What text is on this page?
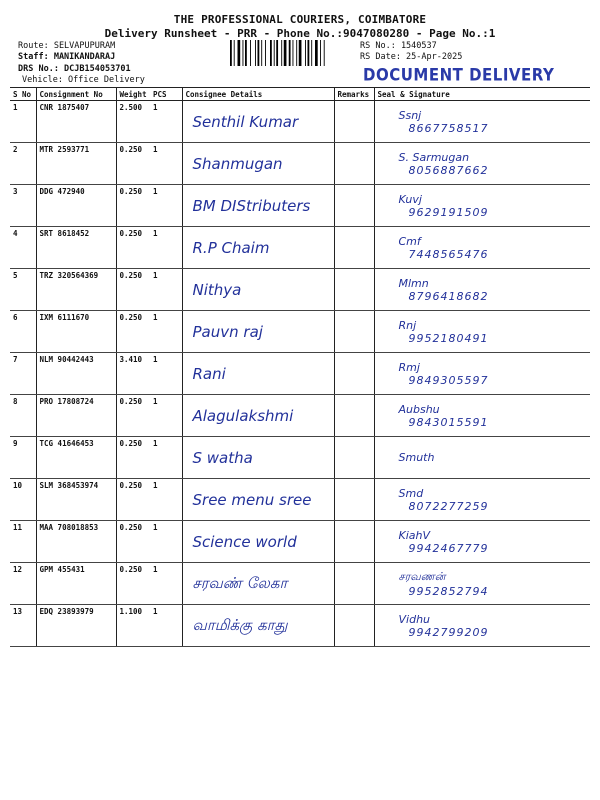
THE PROFESSIONAL COURIERS, COIMBATORE
Delivery Runsheet - PRR - Phone No.:9047080280 - Page No.:1
Route: SELVAPUPURAM
Staff: MANIKANDARAJ
DRS No.: DCJB154053701
Vehicle: Office Delivery
RS No.: 1540537
RS Date: 25-Apr-2025
DOCUMENT DELIVERY
S No	Consignment No	Weight	PCS	Consignee Details	Remarks	Seal & Signature
1	CNR 1875407	2.500	1	Senthil Kumar		Ssnj
8667758517

2	MTR 2593771	0.250	1	Shanmugan		S. Sarmugan
8056887662

3	DDG 472940	0.250	1	BM DIStributers		Kuvj
9629191509

4	SRT 8618452	0.250	1	R.P Chaim		Cmf
7448565476

5	TRZ 320564369	0.250	1	Nithya		Mlmn
8796418682

6	IXM 6111670	0.250	1	Pauvn raj		Rnj
9952180491

7	NLM 90442443	3.410	1	Rani		Rmj
9849305597

8	PRO 17808724	0.250	1	Alagulakshmi		Aubshu
9843015591

9	TCG 41646453	0.250	1	S watha		Smuth

10	SLM 368453974	0.250	1	Sree menu sree		Smd
8072277259

11	MAA 708018853	0.250	1	Science world		KiahV
9942467779

12	GPM 455431	0.250	1	சரவண் லேகா		சரவணன்
9952852794

13	EDQ 23893979	1.100	1	வாமிக்கு காது		Vidhu
9942799209
